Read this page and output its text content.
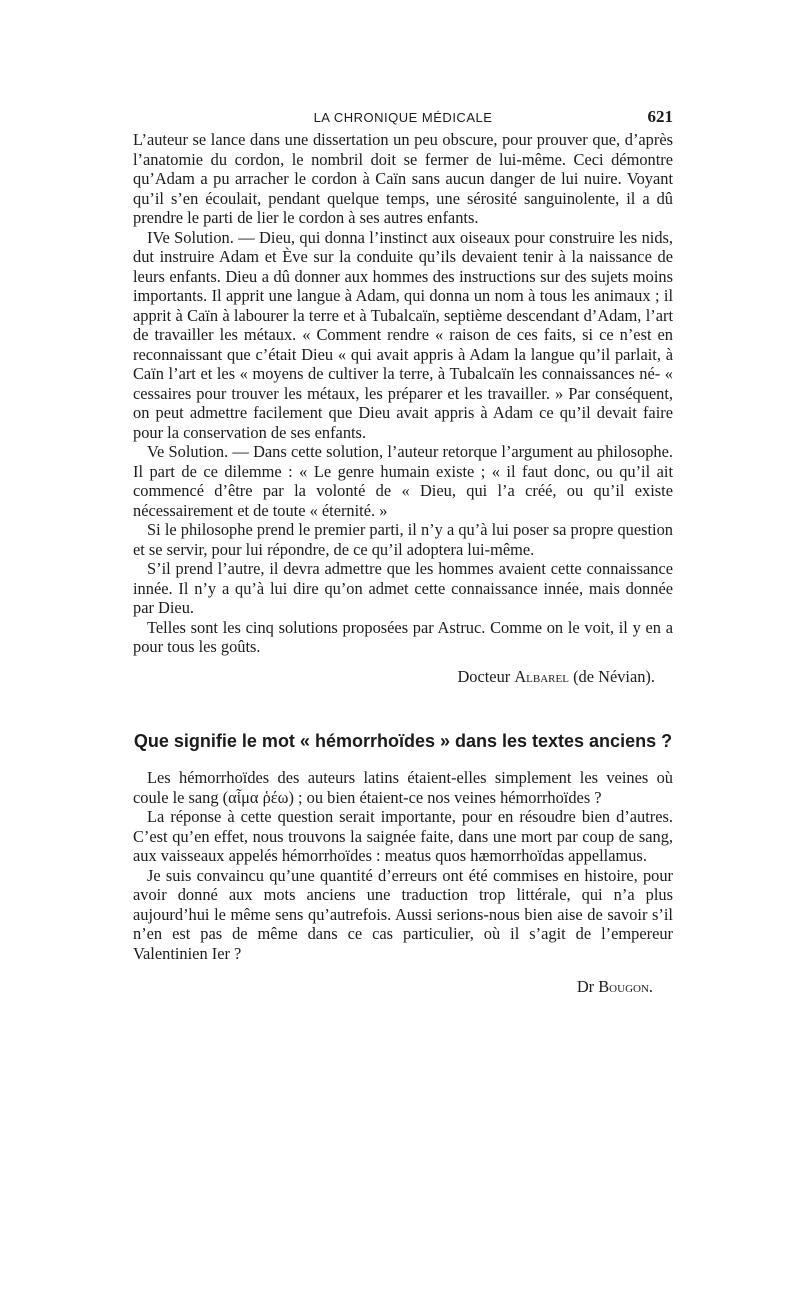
LA CHRONIQUE MÉDICALE	621

L’auteur se lance dans une dissertation un peu obscure, pour prouver que, d’après l’anatomie du cordon, le nombril doit se fermer de lui-même. Ceci démontre qu’Adam a pu arracher le cordon à Caïn sans aucun danger de lui nuire. Voyant qu’il s’en écoulait, pendant quelque temps, une sérosité sanguinolente, il a dû prendre le parti de lier le cordon à ses autres enfants.

IVe Solution. — Dieu, qui donna l’instinct aux oiseaux pour construire les nids, dut instruire Adam et Ève sur la conduite qu’ils devaient tenir à la naissance de leurs enfants. Dieu a dû donner aux hommes des instructions sur des sujets moins importants. Il apprit une langue à Adam, qui donna un nom à tous les animaux ; il apprit à Caïn à labourer la terre et à Tubalcaïn, septième descendant d’Adam, l’art de travailler les métaux. « Comment rendre « raison de ces faits, si ce n’est en reconnaissant que c’était Dieu « qui avait appris à Adam la langue qu’il parlait, à Caïn l’art et les « moyens de cultiver la terre, à Tubalcaïn les connaissances né- « cessaires pour trouver les métaux, les préparer et les travailler. » Par conséquent, on peut admettre facilement que Dieu avait appris à Adam ce qu’il devait faire pour la conservation de ses enfants.

Ve Solution. — Dans cette solution, l’auteur retorque l’argument au philosophe. Il part de ce dilemme : « Le genre humain existe ; « il faut donc, ou qu’il ait commencé d’être par la volonté de « Dieu, qui l’a créé, ou qu’il existe nécessairement et de toute « éternité. »

Si le philosophe prend le premier parti, il n’y a qu’à lui poser sa propre question et se servir, pour lui répondre, de ce qu’il adoptera lui-même.

S’il prend l’autre, il devra admettre que les hommes avaient cette connaissance innée. Il n’y a qu’à lui dire qu’on admet cette connaissance innée, mais donnée par Dieu.

Telles sont les cinq solutions proposées par Astruc. Comme on le voit, il y en a pour tous les goûts.

Docteur Albarel (de Névian).
Que signifie le mot « hémorrhoïdes » dans les textes anciens ?

Les hémorrhoïdes des auteurs latins étaient-elles simplement les veines où coule le sang (αἷμα ῥέω) ; ou bien étaient-ce nos veines hémorrhoïdes ?

La réponse à cette question serait importante, pour en résoudre bien d’autres. C’est qu’en effet, nous trouvons la saignée faite, dans une mort par coup de sang, aux vaisseaux appelés hémorrhoïdes : meatus quos hæmorrhoïdas appellamus.

Je suis convaincu qu’une quantité d’erreurs ont été commises en histoire, pour avoir donné aux mots anciens une traduction trop littérale, qui n’a plus aujourd’hui le même sens qu’autrefois. Aussi serions-nous bien aise de savoir s’il n’en est pas de même dans ce cas particulier, où il s’agit de l’empereur Valentinien Ier ?

Dr Bougon.
